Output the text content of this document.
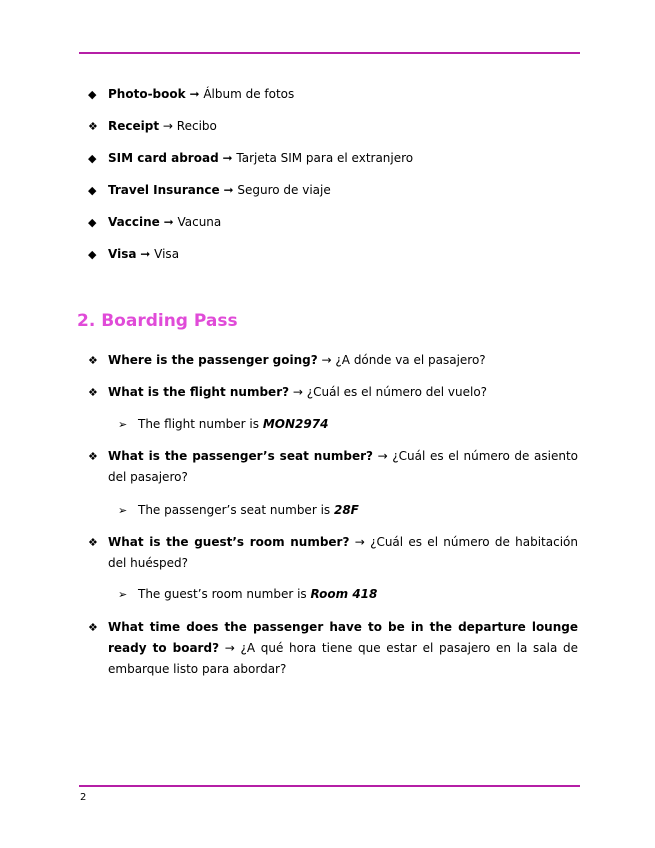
◆ Photo-book ➞ Álbum de fotos
❖ Receipt → Recibo
◆ SIM card abroad ➞ Tarjeta SIM para el extranjero
◆ Travel Insurance ➞ Seguro de viaje
◆ Vaccine ➞ Vacuna
◆ Visa ➞ Visa
2. Boarding Pass
❖ Where is the passenger going? → ¿A dónde va el pasajero?
❖ What is the flight number? → ¿Cuál es el número del vuelo?
➢ The flight number is MON2974
❖ What is the passenger’s seat number? → ¿Cuál es el número de asiento del pasajero?
➢ The passenger’s seat number is 28F
❖ What is the guest’s room number? → ¿Cuál es el número de habitación del huésped?
➢ The guest’s room number is Room 418
❖ What time does the passenger have to be in the departure lounge ready to board? → ¿A qué hora tiene que estar el pasajero en la sala de embarque listo para abordar?
2
